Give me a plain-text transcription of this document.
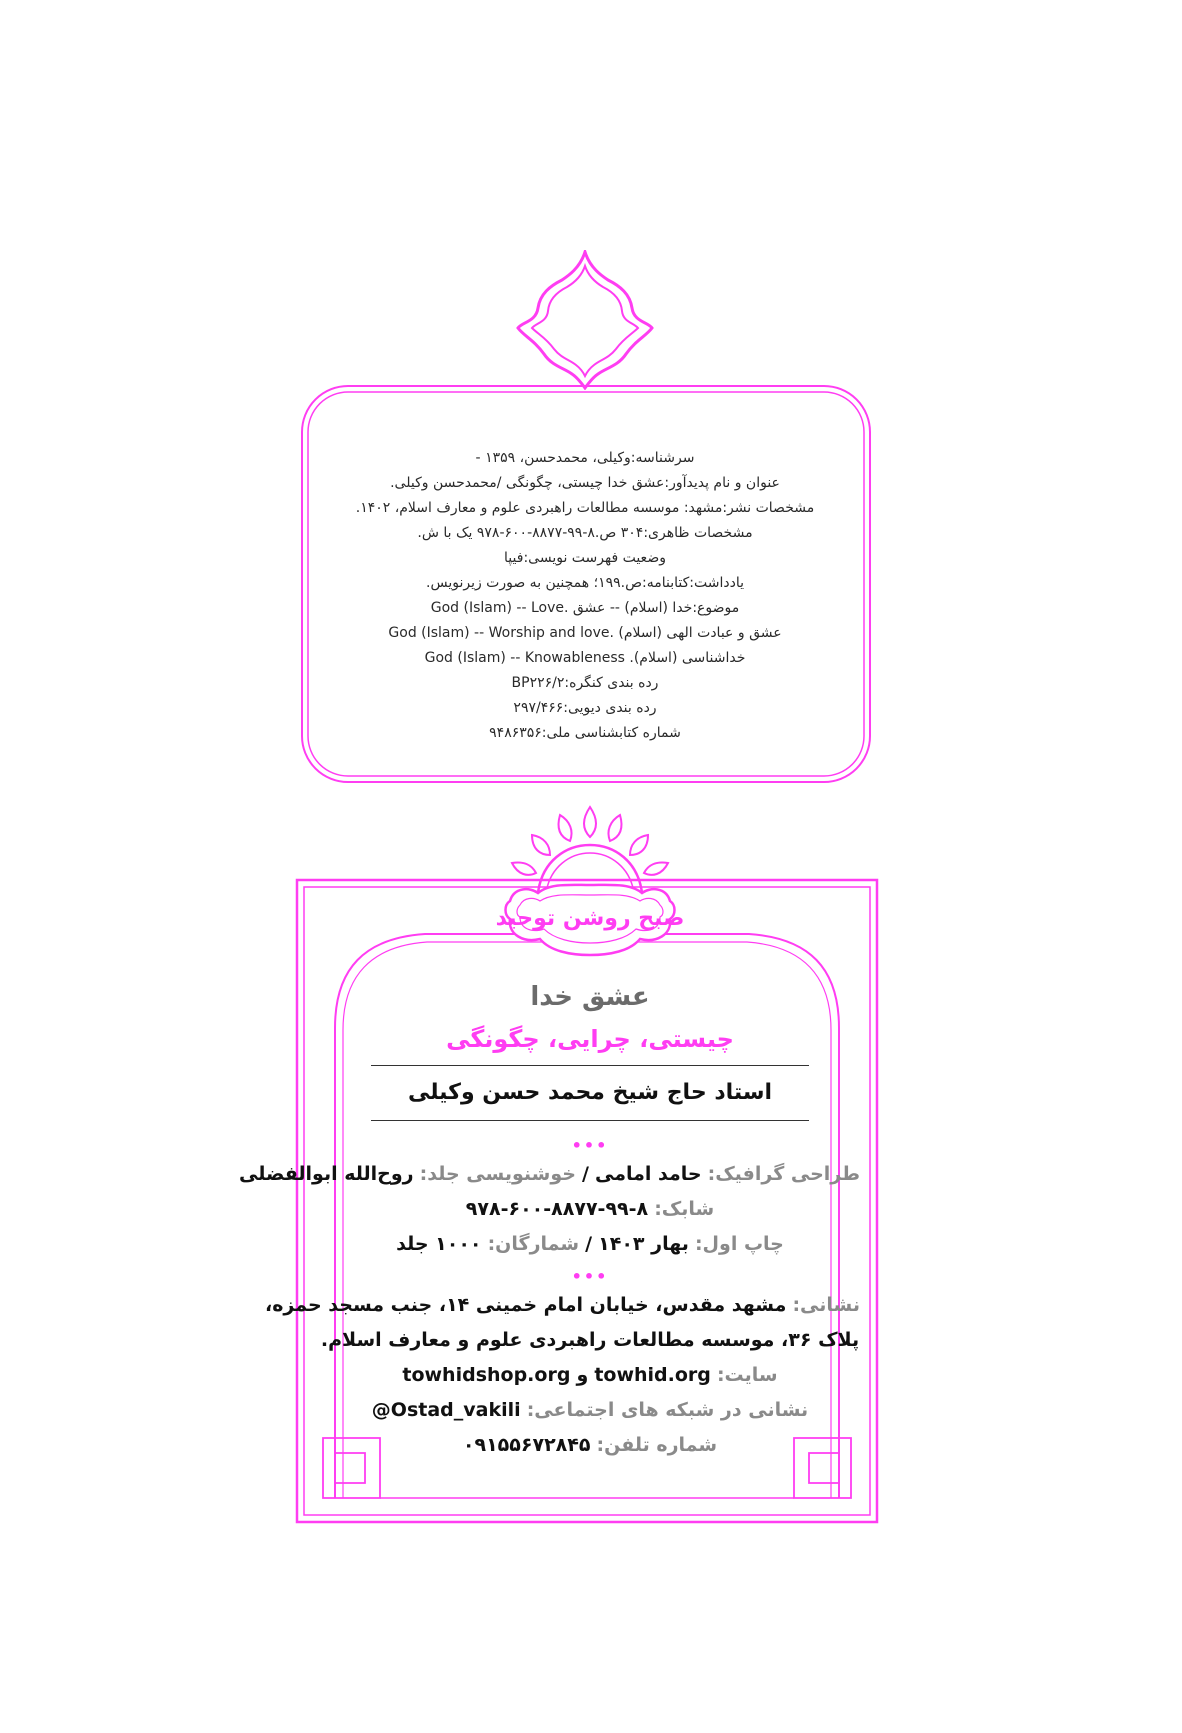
سرشناسه:وکیلی، محمدحسن، ۱۳۵۹ -
عنوان و نام پدیدآور:عشق خدا چیستی، چگونگی /محمدحسن وکیلی.
مشخصات نشر:مشهد: موسسه مطالعات راهبردی علوم و معارف اسلام، ۱۴۰۲.
مشخصات ظاهری:۳۰۴ ص.۸-۹۹-۸۸۷۷-۶۰۰-۹۷۸ یک با ش.
وضعیت فهرست نویسی:فیپا
یادداشت:کتابنامه:ص.۱۹۹؛ همچنین به صورت زیرنویس.
موضوع:خدا (اسلام) -- عشق .God (Islam) -- Love
عشق و عبادت الهی (اسلام) .God (Islam) -- Worship and love
خداشناسی (اسلام). God (Islam) -- Knowableness
رده بندی کنگره:BP۲۲۶/۲
رده بندی دیویی:۲۹۷/۴۶۶
شماره کتابشناسی ملی:۹۴۸۶۳۵۶
صبح روشن توحید
عشق خدا
چیستی، چرایی، چگونگی
استاد حاج شیخ محمد حسن وکیلی
•••
طراحی گرافیک: حامد امامی / خوشنویسی جلد: روح‌الله ابوالفضلی
شابک: ۸-۹۹-۸۸۷۷-۶۰۰-۹۷۸
چاپ اول: بهار ۱۴۰۳ / شمارگان: ۱۰۰۰ جلد
•••
نشانی: مشهد مقدس، خیابان امام خمینی ۱۴، جنب مسجد حمزه،
پلاک ۳۶، موسسه مطالعات راهبردی علوم و معارف اسلام.
سایت: towhid.org و towhidshop.org
نشانی در شبکه های اجتماعی: @Ostad_vakili
شماره تلفن: ۰۹۱۵۵۶۷۲۸۴۵
